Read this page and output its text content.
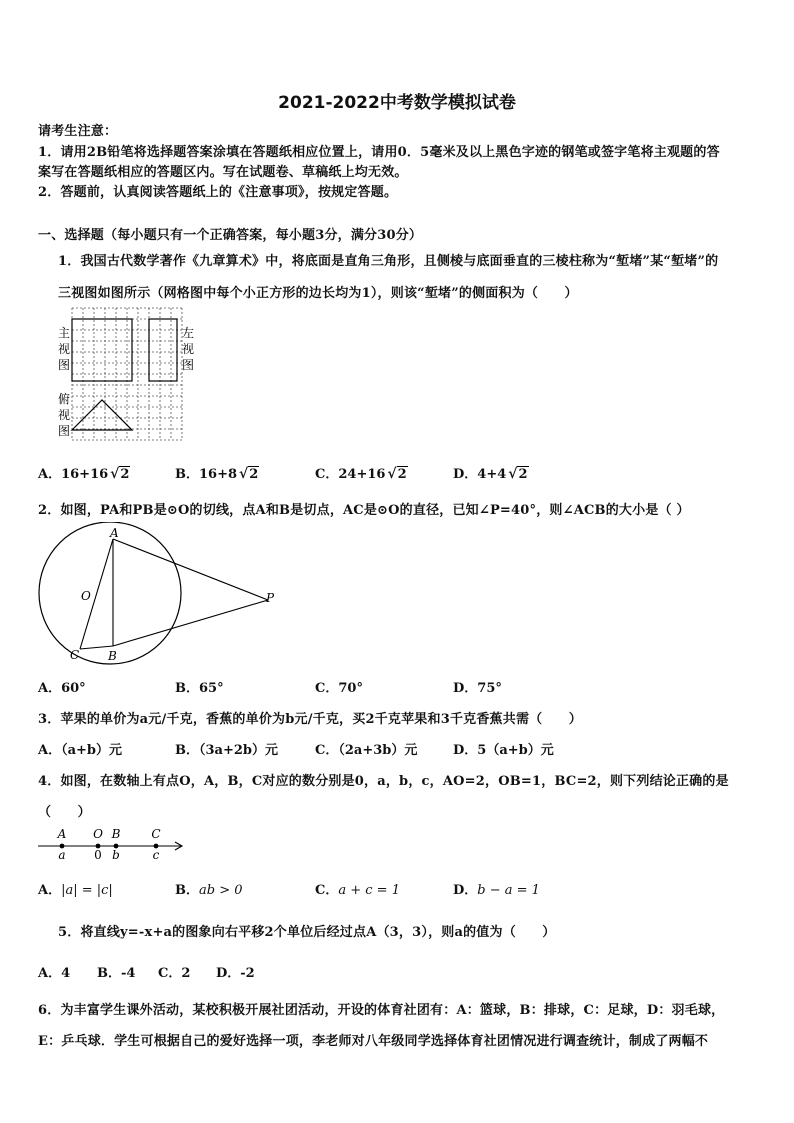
2021-2022中考数学模拟试卷
请考生注意：
1．请用2B铅笔将选择题答案涂填在答题纸相应位置上，请用0．5毫米及以上黑色字迹的钢笔或签字笔将主观题的答
案写在答题纸相应的答题区内。写在试题卷、草稿纸上均无效。
2．答题前，认真阅读答题纸上的《注意事项》，按规定答题。
一、选择题（每小题只有一个正确答案，每小题3分，满分30分）
1．我国古代数学著作《九章算术》中，将底面是直角三角形，且侧棱与底面垂直的三棱柱称为“堑堵”某“堑堵”的
三视图如图所示（网格图中每个小正方形的边长均为1），则该“堑堵”的侧面积为（　　）
主
视
图
左
视
图
俯
视
图
A．16+16 √2	B．16+8 √2	C．24+16 √2	D．4+4 √2
2．如图，PA和PB是⊙O的切线，点A和B是切点，AC是⊙O的直径，已知∠P=40°，则∠ACB的大小是（ ）
A
O	P
C B
A．60°	B．65°	C．70°	D．75°
3．苹果的单价为a元/千克，香蕉的单价为b元/千克，买2千克苹果和3千克香蕉共需（　　）
A．（a+b）元	B．（3a+2b）元	C．（2a+3b）元	D．5（a+b）元
4．如图，在数轴上有点O，A，B，C对应的数分别是0，a，b，c，AO=2，OB=1，BC=2，则下列结论正确的是
（　　）
A O B	C
a 0 b	c
A．|a| = |c|	B．ab > 0	C．a + c = 1	D．b − a = 1
5．将直线y=-x+a的图象向右平移2个单位后经过点A（3，3），则a的值为（　　）
A．4 B．-4 C．2 D．-2
6．为丰富学生课外活动，某校积极开展社团活动，开设的体育社团有：A：篮球，B：排球，C：足球，D：羽毛球，
E：乒乓球．学生可根据自己的爱好选择一项，李老师对八年级同学选择体育社团情况进行调查统计，制成了两幅不
